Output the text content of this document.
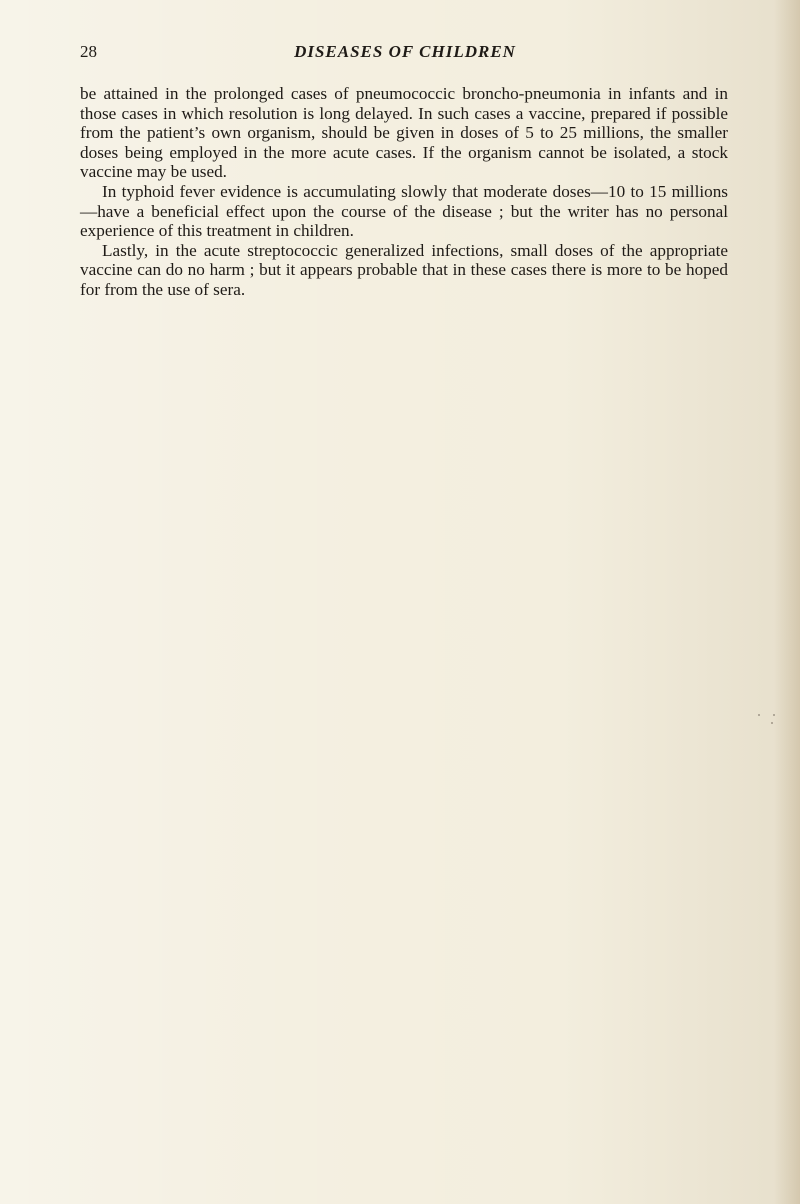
28	DISEASES OF CHILDREN

be attained in the prolonged cases of pneumococcic broncho-pneumonia in infants and in those cases in which resolution is long delayed. In such cases a vaccine, prepared if possible from the patient’s own organism, should be given in doses of 5 to 25 millions, the smaller doses being employed in the more acute cases. If the organism cannot be isolated, a stock vaccine may be used.

In typhoid fever evidence is accumulating slowly that moderate doses—10 to 15 millions—have a beneficial effect upon the course of the disease ; but the writer has no personal experience of this treatment in children.

Lastly, in the acute streptococcic generalized infections, small doses of the appropriate vaccine can do no harm ; but it appears probable that in these cases there is more to be hoped for from the use of sera.
